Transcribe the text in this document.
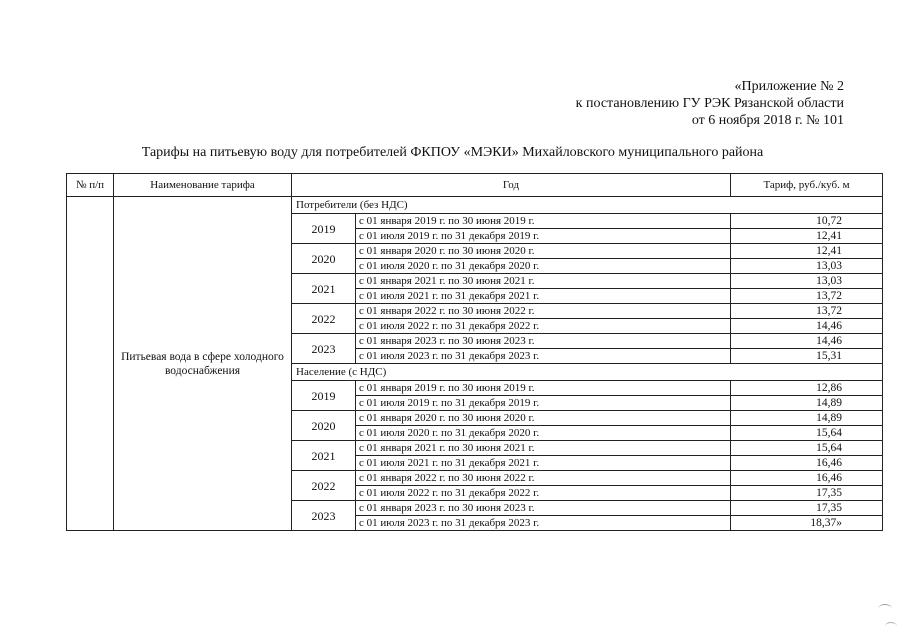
«Приложение № 2
к постановлению ГУ РЭК Рязанской области
от 6 ноября 2018 г. № 101
Тарифы на питьевую воду для потребителей ФКПОУ «МЭКИ» Михайловского муниципального района
№ п/п	Наименование тарифа	Год		Тариф, руб./куб. м
	Питьевая вода в сфере холодного водоснабжения	Потребители (без НДС)		
		2019	с 01 января 2019 г. по 30 июня 2019 г.	10,72
			с 01 июля 2019 г. по 31 декабря 2019 г.	12,41
		2020	с 01 января 2020 г. по 30 июня 2020 г.	12,41
			с 01 июля 2020 г. по 31 декабря 2020 г.	13,03
		2021	с 01 января 2021 г. по 30 июня 2021 г.	13,03
			с 01 июля 2021 г. по 31 декабря 2021 г.	13,72
		2022	с 01 января 2022 г. по 30 июня 2022 г.	13,72
			с 01 июля 2022 г. по 31 декабря 2022 г.	14,46
		2023	с 01 января 2023 г. по 30 июня 2023 г.	14,46
			с 01 июля 2023 г. по 31 декабря 2023 г.	15,31
		Население (с НДС)		
		2019	с 01 января 2019 г. по 30 июня 2019 г.	12,86
			с 01 июля 2019 г. по 31 декабря 2019 г.	14,89
		2020	с 01 января 2020 г. по 30 июня 2020 г.	14,89
			с 01 июля 2020 г. по 31 декабря 2020 г.	15,64
		2021	с 01 января 2021 г. по 30 июня 2021 г.	15,64
			с 01 июля 2021 г. по 31 декабря 2021 г.	16,46
		2022	с 01 января 2022 г. по 30 июня 2022 г.	16,46
			с 01 июля 2022 г. по 31 декабря 2022 г.	17,35
		2023	с 01 января 2023 г. по 30 июня 2023 г.	17,35
			с 01 июля 2023 г. по 31 декабря 2023 г.	18,37»
